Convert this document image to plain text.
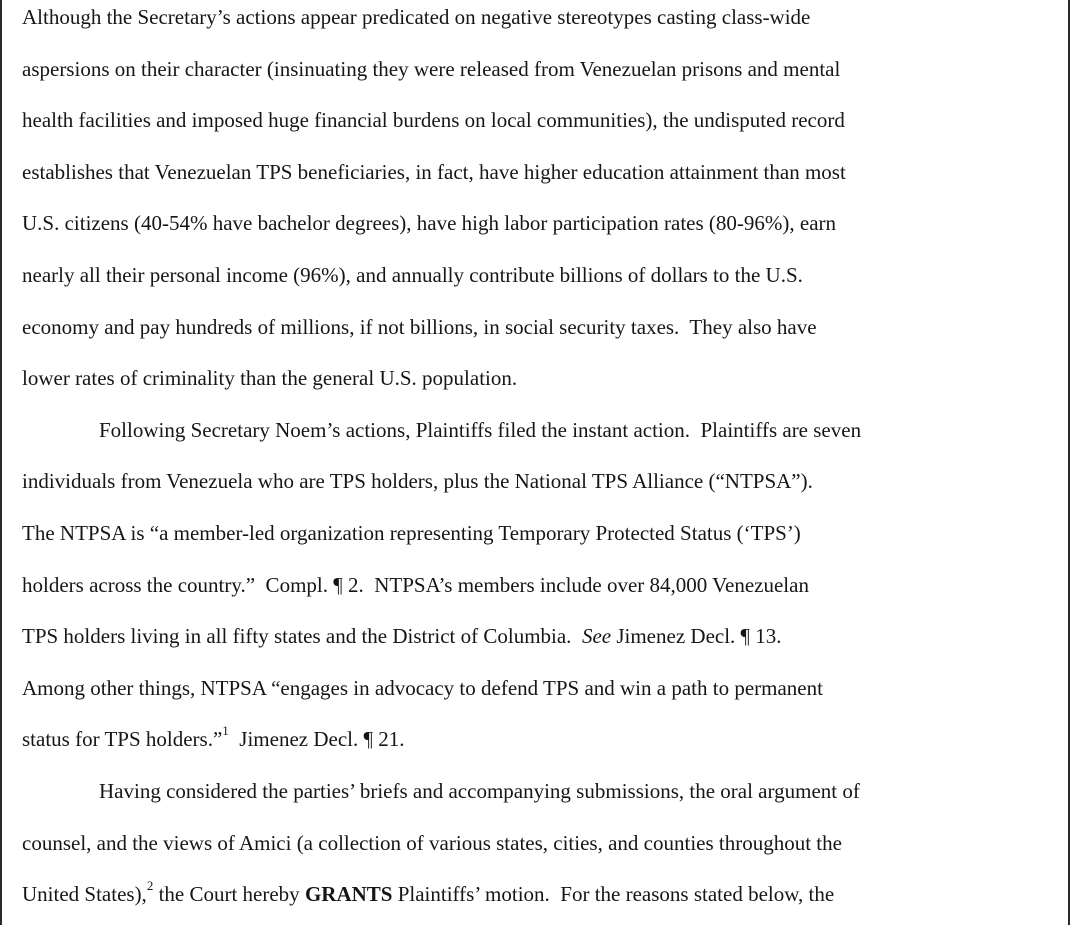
Although the Secretary’s actions appear predicated on negative stereotypes casting class-wide
aspersions on their character (insinuating they were released from Venezuelan prisons and mental
health facilities and imposed huge financial burdens on local communities), the undisputed record
establishes that Venezuelan TPS beneficiaries, in fact, have higher education attainment than most
U.S. citizens (40-54% have bachelor degrees), have high labor participation rates (80-96%), earn
nearly all their personal income (96%), and annually contribute billions of dollars to the U.S.
economy and pay hundreds of millions, if not billions, in social security taxes.  They also have
lower rates of criminality than the general U.S. population.
Following Secretary Noem’s actions, Plaintiffs filed the instant action.  Plaintiffs are seven
individuals from Venezuela who are TPS holders, plus the National TPS Alliance (“NTPSA”).
The NTPSA is “a member-led organization representing Temporary Protected Status (‘TPS’)
holders across the country.”  Compl. ¶ 2.  NTPSA’s members include over 84,000 Venezuelan
TPS holders living in all fifty states and the District of Columbia.  See Jimenez Decl. ¶ 13.
Among other things, NTPSA “engages in advocacy to defend TPS and win a path to permanent
status for TPS holders.”$^1$  Jimenez Decl. ¶ 21.
Having considered the parties’ briefs and accompanying submissions, the oral argument of
counsel, and the views of Amici (a collection of various states, cities, and counties throughout the
United States),$^2$ the Court hereby GRANTS Plaintiffs’ motion.  For the reasons stated below, the
